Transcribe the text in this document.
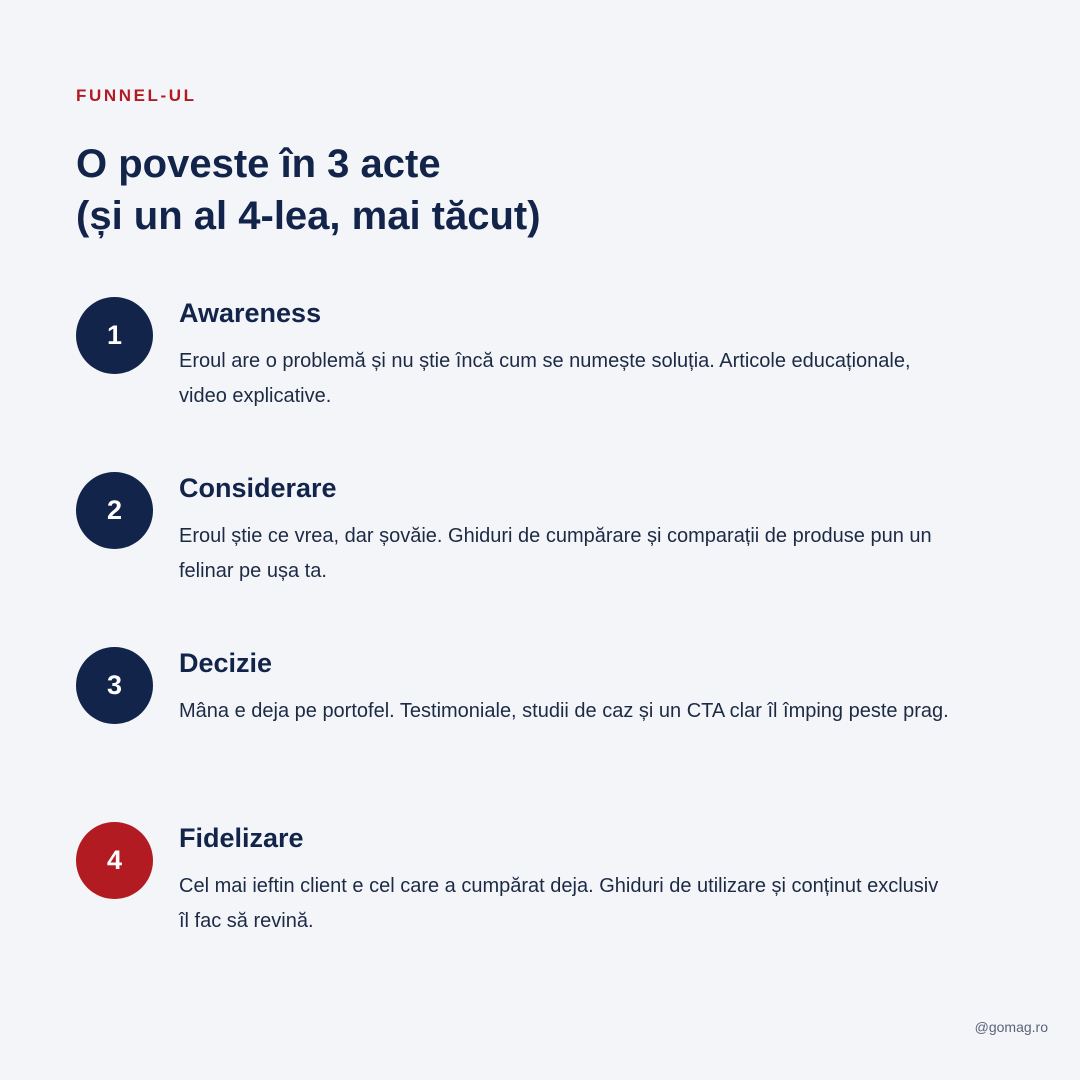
FUNNEL-UL
O poveste în 3 acte
(și un al 4-lea, mai tăcut)
1
Awareness

Eroul are o problemă și nu știe încă cum se numește soluția. Articole educaționale, video explicative.

2
Considerare

Eroul știe ce vrea, dar șovăie. Ghiduri de cumpărare și comparații de produse pun un felinar pe ușa ta.

3
Decizie

Mâna e deja pe portofel. Testimoniale, studii de caz și un CTA clar îl împing peste prag.

4
Fidelizare

Cel mai ieftin client e cel care a cumpărat deja. Ghiduri de utilizare și conținut exclusiv îl fac să revină.

@gomag.ro
